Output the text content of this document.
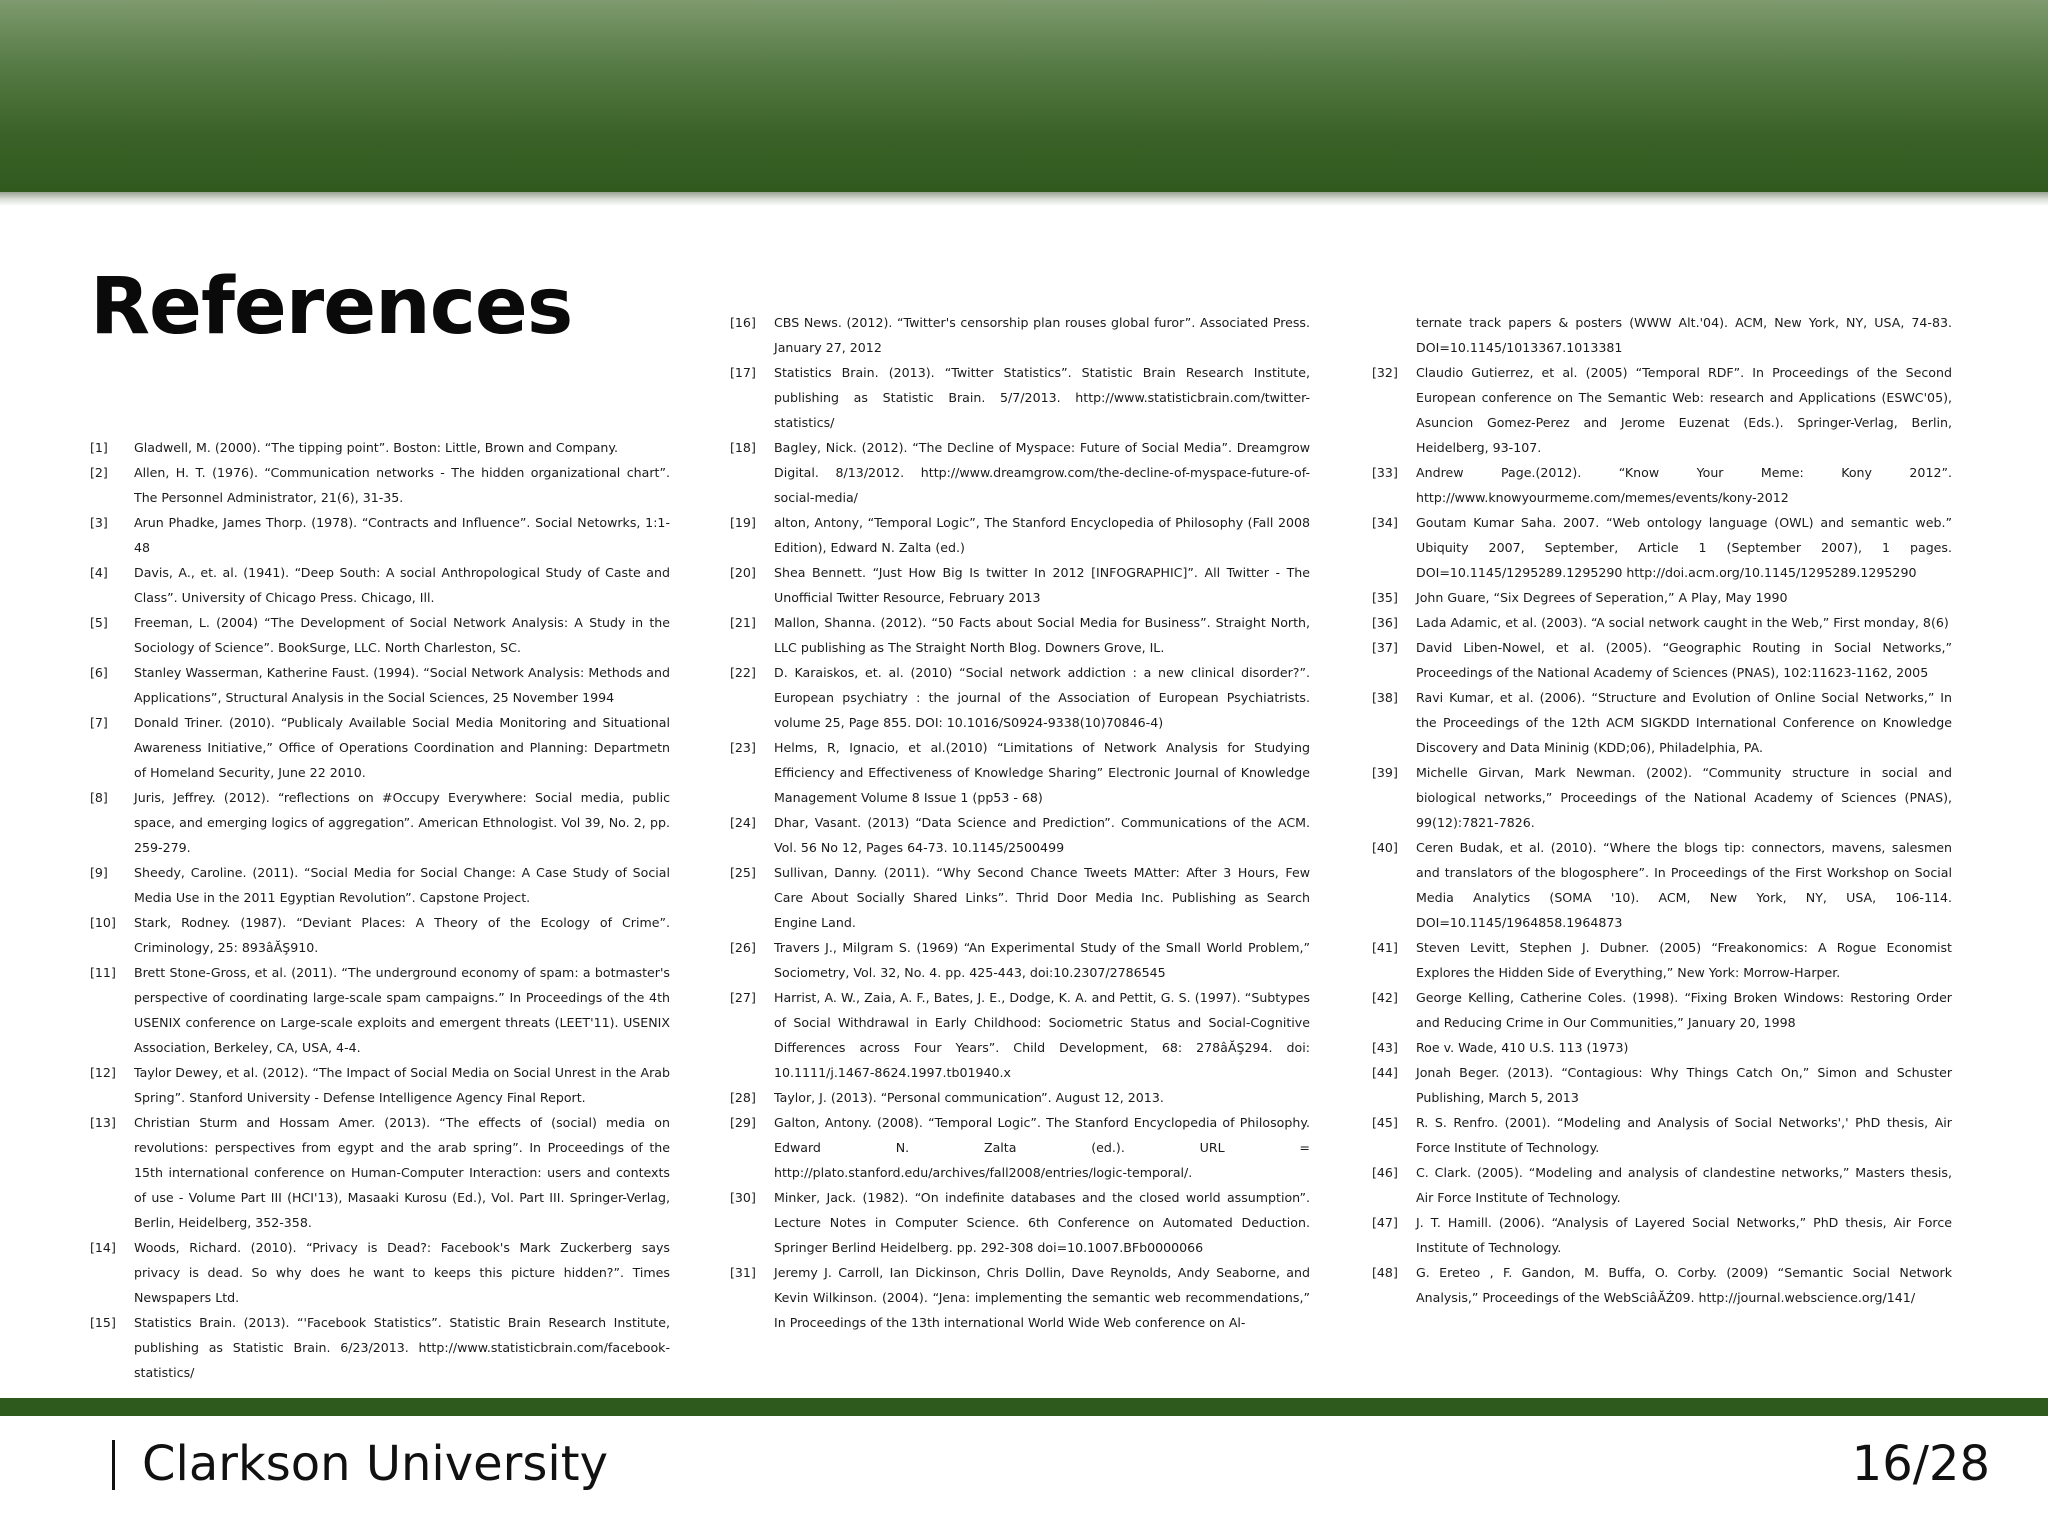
References
[1]	Gladwell, M. (2000). “The tipping point”. Boston: Little, Brown and Company.
[2]	Allen, H. T. (1976). “Communication networks - The hidden organizational chart”. The Personnel Administrator, 21(6), 31-35.
[3]	Arun Phadke, James Thorp. (1978). “Contracts and Influence”. Social Netowrks, 1:1-48
[4]	Davis, A., et. al. (1941). “Deep South: A social Anthropological Study of Caste and Class”. University of Chicago Press. Chicago, Ill.
[5]	Freeman, L. (2004) “The Development of Social Network Analysis: A Study in the Sociology of Science”. BookSurge, LLC. North Charleston, SC.
[6]	Stanley Wasserman, Katherine Faust. (1994). “Social Network Analysis: Methods and Applications”, Structural Analysis in the Social Sciences, 25 November 1994
[7]	Donald Triner. (2010). “Publicaly Available Social Media Monitoring and Situational Awareness Initiative,” Office of Operations Coordination and Planning: Departmetn of Homeland Security, June 22 2010.
[8]	Juris, Jeffrey. (2012). “reflections on #Occupy Everywhere: Social media, public space, and emerging logics of aggregation”. American Ethnologist. Vol 39, No. 2, pp. 259-279.
[9]	Sheedy, Caroline. (2011). “Social Media for Social Change: A Case Study of Social Media Use in the 2011 Egyptian Revolution”. Capstone Project.
[10]	Stark, Rodney. (1987). “Deviant Places: A Theory of the Ecology of Crime”. Criminology, 25: 893âĂŞ910.
[11]	Brett Stone-Gross, et al. (2011). “The underground economy of spam: a botmaster's perspective of coordinating large-scale spam campaigns.” In Proceedings of the 4th USENIX conference on Large-scale exploits and emergent threats (LEET'11). USENIX Association, Berkeley, CA, USA, 4-4.
[12]	Taylor Dewey, et al. (2012). “The Impact of Social Media on Social Unrest in the Arab Spring”. Stanford University - Defense Intelligence Agency Final Report.
[13]	Christian Sturm and Hossam Amer. (2013). “The effects of (social) media on revolutions: perspectives from egypt and the arab spring”. In Proceedings of the 15th international conference on Human-Computer Interaction: users and contexts of use - Volume Part III (HCI'13), Masaaki Kurosu (Ed.), Vol. Part III. Springer-Verlag, Berlin, Heidelberg, 352-358.
[14]	Woods, Richard. (2010). “Privacy is Dead?: Facebook's Mark Zuckerberg says privacy is dead. So why does he want to keeps this picture hidden?”. Times Newspapers Ltd.
[15]	Statistics Brain. (2013). “'Facebook Statistics”. Statistic Brain Research Institute, publishing as Statistic Brain. 6/23/2013. http://www.statisticbrain.com/facebook-statistics/
[16]	CBS News. (2012). “Twitter's censorship plan rouses global furor”. Associated Press. January 27, 2012
[17]	Statistics Brain. (2013). “Twitter Statistics”. Statistic Brain Research Institute, publishing as Statistic Brain. 5/7/2013. http://www.statisticbrain.com/twitter-statistics/
[18]	Bagley, Nick. (2012). “The Decline of Myspace: Future of Social Media”. Dreamgrow Digital. 8/13/2012. http://www.dreamgrow.com/the-decline-of-myspace-future-of-social-media/
[19]	alton, Antony, “Temporal Logic”, The Stanford Encyclopedia of Philosophy (Fall 2008 Edition), Edward N. Zalta (ed.)
[20]	Shea Bennett. “Just How Big Is twitter In 2012 [INFOGRAPHIC]”. All Twitter - The Unofficial Twitter Resource, February 2013
[21]	Mallon, Shanna. (2012). “50 Facts about Social Media for Business”. Straight North, LLC publishing as The Straight North Blog. Downers Grove, IL.
[22]	D. Karaiskos, et. al. (2010) “Social network addiction : a new clinical disorder?”. European psychiatry : the journal of the Association of European Psychiatrists. volume 25, Page 855. DOI: 10.1016/S0924-9338(10)70846-4)
[23]	Helms, R, Ignacio, et al.(2010) “Limitations of Network Analysis for Studying Efficiency and Effectiveness of Knowledge Sharing” Electronic Journal of Knowledge Management Volume 8 Issue 1 (pp53 - 68)
[24]	Dhar, Vasant. (2013) “Data Science and Prediction”. Communications of the ACM. Vol. 56 No 12, Pages 64-73. 10.1145/2500499
[25]	Sullivan, Danny. (2011). “Why Second Chance Tweets MAtter: After 3 Hours, Few Care About Socially Shared Links”. Thrid Door Media Inc. Publishing as Search Engine Land.
[26]	Travers J., Milgram S. (1969) “An Experimental Study of the Small World Problem,” Sociometry, Vol. 32, No. 4. pp. 425-443, doi:10.2307/2786545
[27]	Harrist, A. W., Zaia, A. F., Bates, J. E., Dodge, K. A. and Pettit, G. S. (1997). “Subtypes of Social Withdrawal in Early Childhood: Sociometric Status and Social-Cognitive Differences across Four Years”. Child Development, 68: 278âĂŞ294. doi: 10.1111/j.1467-8624.1997.tb01940.x
[28]	Taylor, J. (2013). “Personal communication”. August 12, 2013.
[29]	Galton, Antony. (2008). “Temporal Logic”. The Stanford Encyclopedia of Philosophy. Edward N. Zalta (ed.). URL = http://plato.stanford.edu/archives/fall2008/entries/logic-temporal/.
[30]	Minker, Jack. (1982). “On indefinite databases and the closed world assumption”. Lecture Notes in Computer Science. 6th Conference on Automated Deduction. Springer Berlind Heidelberg. pp. 292-308 doi=10.1007.BFb0000066
[31]	Jeremy J. Carroll, Ian Dickinson, Chris Dollin, Dave Reynolds, Andy Seaborne, and Kevin Wilkinson. (2004). “Jena: implementing the semantic web recommendations,” In Proceedings of the 13th international World Wide Web conference on Al-
ternate track papers & posters (WWW Alt.'04). ACM, New York, NY, USA, 74-83. DOI=10.1145/1013367.1013381
[32]	Claudio Gutierrez, et al. (2005) “Temporal RDF”. In Proceedings of the Second European conference on The Semantic Web: research and Applications (ESWC'05), Asuncion Gomez-Perez and Jerome Euzenat (Eds.). Springer-Verlag, Berlin, Heidelberg, 93-107.
[33]	Andrew Page.(2012). “Know Your Meme: Kony 2012”. http://www.knowyourmeme.com/memes/events/kony-2012
[34]	Goutam Kumar Saha. 2007. “Web ontology language (OWL) and semantic web.” Ubiquity 2007, September, Article 1 (September 2007), 1 pages. DOI=10.1145/1295289.1295290 http://doi.acm.org/10.1145/1295289.1295290
[35]	John Guare, “Six Degrees of Seperation,” A Play, May 1990
[36]	Lada Adamic, et al. (2003). “A social network caught in the Web,” First monday, 8(6)
[37]	David Liben-Nowel, et al. (2005). “Geographic Routing in Social Networks,” Proceedings of the National Academy of Sciences (PNAS), 102:11623-1162, 2005
[38]	Ravi Kumar, et al. (2006). “Structure and Evolution of Online Social Networks,” In the Proceedings of the 12th ACM SIGKDD International Conference on Knowledge Discovery and Data Mininig (KDD;06), Philadelphia, PA.
[39]	Michelle Girvan, Mark Newman. (2002). “Community structure in social and biological networks,” Proceedings of the National Academy of Sciences (PNAS), 99(12):7821-7826.
[40]	Ceren Budak, et al. (2010). “Where the blogs tip: connectors, mavens, salesmen and translators of the blogosphere”. In Proceedings of the First Workshop on Social Media Analytics (SOMA '10). ACM, New York, NY, USA, 106-114. DOI=10.1145/1964858.1964873
[41]	Steven Levitt, Stephen J. Dubner. (2005) “Freakonomics: A Rogue Economist Explores the Hidden Side of Everything,” New York: Morrow-Harper.
[42]	George Kelling, Catherine Coles. (1998). “Fixing Broken Windows: Restoring Order and Reducing Crime in Our Communities,” January 20, 1998
[43]	Roe v. Wade, 410 U.S. 113 (1973)
[44]	Jonah Beger. (2013). “Contagious: Why Things Catch On,” Simon and Schuster Publishing, March 5, 2013
[45]	R. S. Renfro. (2001). “Modeling and Analysis of Social Networks',' PhD thesis, Air Force Institute of Technology.
[46]	C. Clark. (2005). “Modeling and analysis of clandestine networks,” Masters thesis, Air Force Institute of Technology.
[47]	J. T. Hamill. (2006). “Analysis of Layered Social Networks,” PhD thesis, Air Force Institute of Technology.
[48]	G. Ereteo , F. Gandon, M. Buffa, O. Corby. (2009) “Semantic Social Network Analysis,” Proceedings of the WebSciâĂŹ09. http://journal.webscience.org/141/
Clarkson University	16/28
